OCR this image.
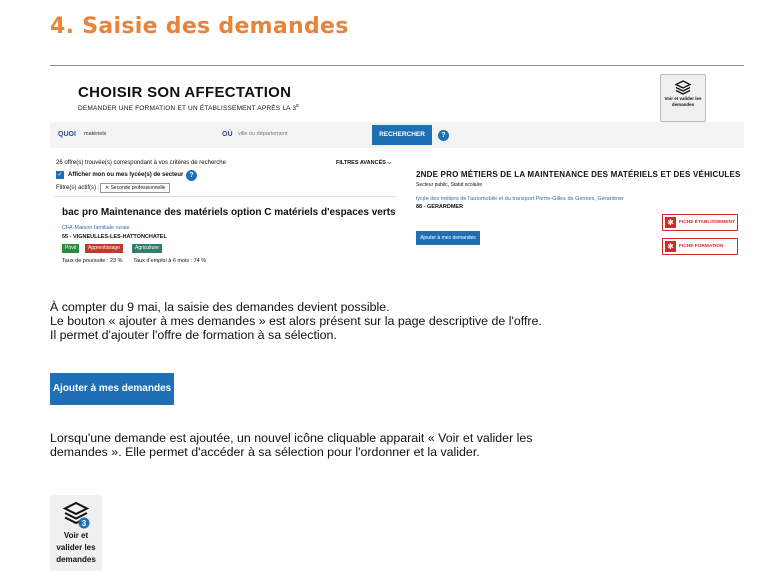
4. Saisie des demandes
CHOISIR SON AFFECTATION
DEMANDER UNE FORMATION ET UN ÉTABLISSEMENT APRÈS LA $3^E$
Voir et valider les
demandes
QUOI matériels	OÙ ville ou département	RECHERCHER	?
26 offre(s) trouvée(s) correspondant à vos critères de recherche	FILTRES AVANCÉS ⌵
✓ Afficher mon ou mes lycée(s) de secteur ?
Filtre(s) actif(s) :	✕ Seconde professionnelle
bac pro Maintenance des matériels option C matériels d'espaces verts
CFA-Maison familiale rurale
55 - VIGNEULLES-LES-HATTONCHATEL
Privé	Apprentissage	Agriculture
Taux de poursuite : 23 % Taux d'emploi à 6 mois : 74 %
2NDE PRO MÉTIERS DE LA MAINTENANCE DES MATÉRIELS ET DES VÉHICULES
Secteur public, Statut scolaire
lycée des métiers de l'automobile et du transport Pierre-Gilles de Gennes, Gérardmer
88 - GERARDMER
Ajouter à mes demandes
✱	FICHE ÉTABLISSEMENT
✱	FICHE FORMATION
À compter du 9 mai, la saisie des demandes devient possible.
Le bouton « ajouter à mes demandes » est alors présent sur la page descriptive de l'offre.
Il permet d'ajouter l'offre de formation à sa sélection.
Ajouter à mes demandes
Lorsqu'une demande est ajoutée, un nouvel icône cliquable apparait « Voir et valider les
demandes ». Elle permet d'accéder à sa sélection pour l'ordonner et la valider.
3
Voir et
valider les
demandes
